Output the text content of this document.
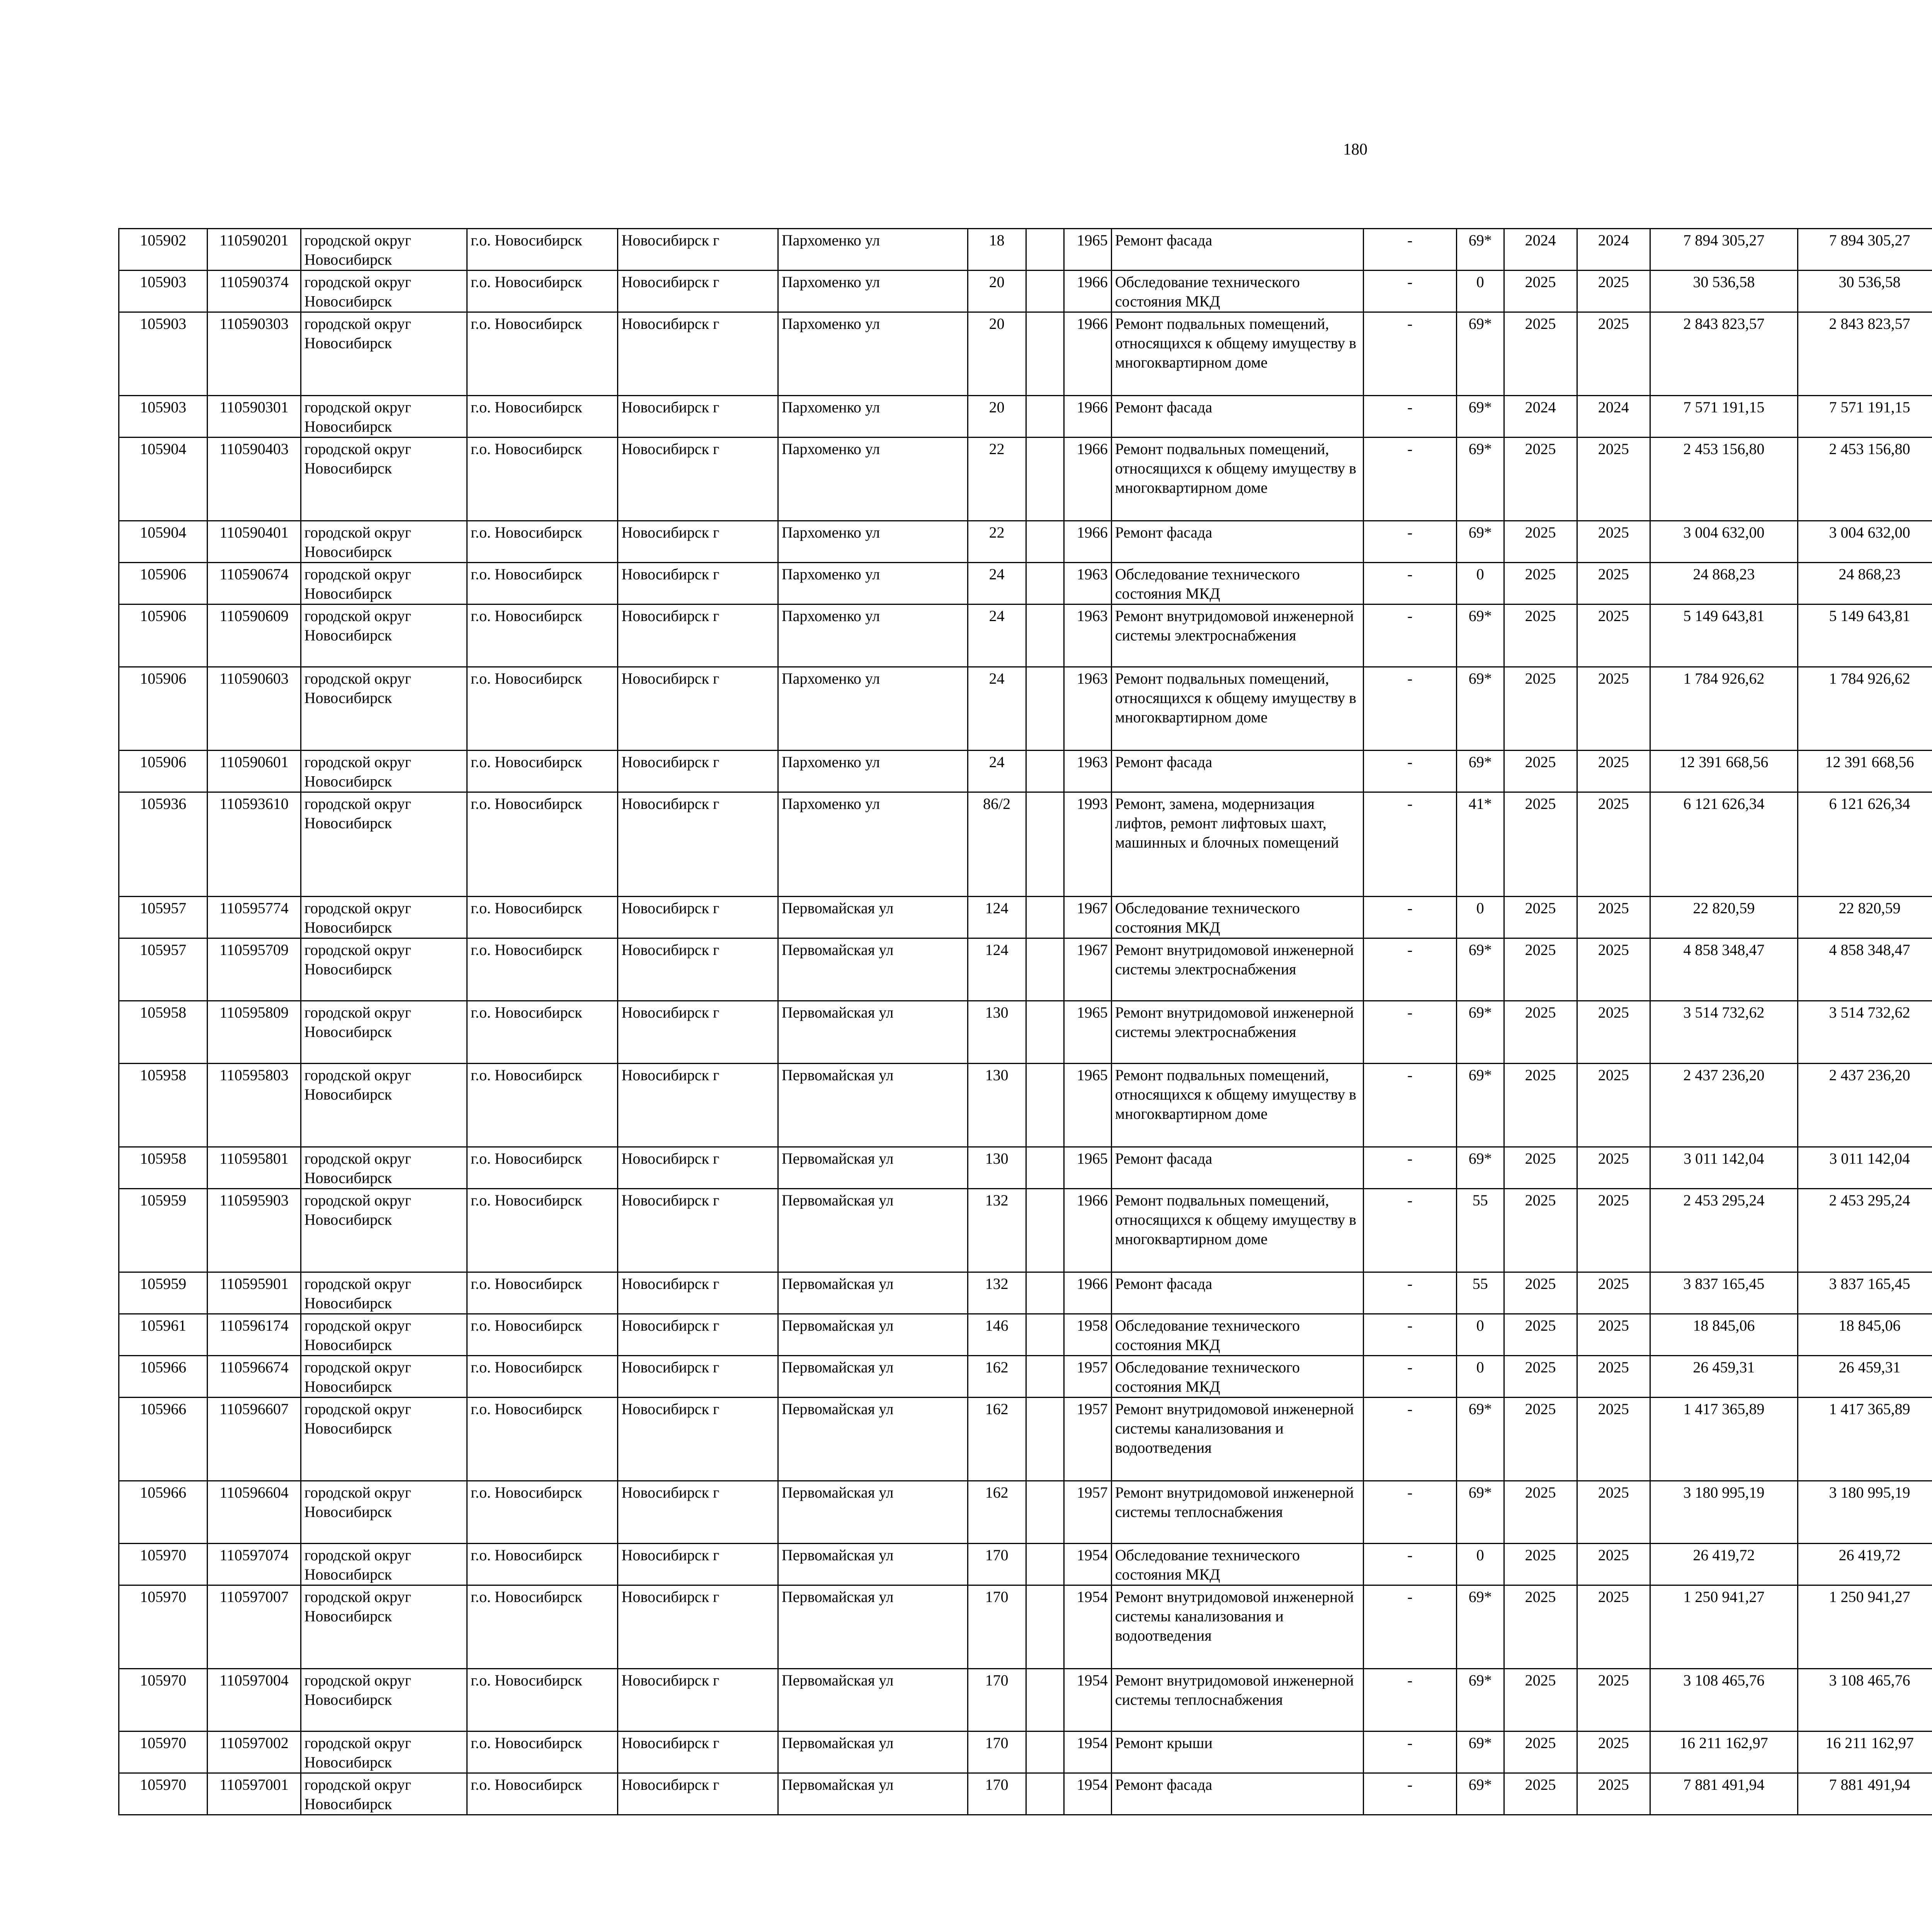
180
105902	110590201	городской округ Новосибирск	г.о. Новосибирск	Новосибирск г	Пархоменко ул	18		1965	Ремонт фасада	-	69*	2024	2024	7 894 305,27	7 894 305,27						
105903	110590374	городской округ Новосибирск	г.о. Новосибирск	Новосибирск г	Пархоменко ул	20		1966	Обследование технического состояния МКД	-	0	2025	2025	30 536,58	30 536,58						
105903	110590303	городской округ Новосибирск	г.о. Новосибирск	Новосибирск г	Пархоменко ул	20		1966	Ремонт подвальных помещений, относящихся к общему имуществу в многоквартирном доме	-	69*	2025	2025	2 843 823,57	2 843 823,57						
105903	110590301	городской округ Новосибирск	г.о. Новосибирск	Новосибирск г	Пархоменко ул	20		1966	Ремонт фасада	-	69*	2024	2024	7 571 191,15	7 571 191,15						
105904	110590403	городской округ Новосибирск	г.о. Новосибирск	Новосибирск г	Пархоменко ул	22		1966	Ремонт подвальных помещений, относящихся к общему имуществу в многоквартирном доме	-	69*	2025	2025	2 453 156,80	2 453 156,80						
105904	110590401	городской округ Новосибирск	г.о. Новосибирск	Новосибирск г	Пархоменко ул	22		1966	Ремонт фасада	-	69*	2025	2025	3 004 632,00	3 004 632,00						
105906	110590674	городской округ Новосибирск	г.о. Новосибирск	Новосибирск г	Пархоменко ул	24		1963	Обследование технического состояния МКД	-	0	2025	2025	24 868,23	24 868,23						
105906	110590609	городской округ Новосибирск	г.о. Новосибирск	Новосибирск г	Пархоменко ул	24		1963	Ремонт внутридомовой инженерной системы электроснабжения	-	69*	2025	2025	5 149 643,81	5 149 643,81						
105906	110590603	городской округ Новосибирск	г.о. Новосибирск	Новосибирск г	Пархоменко ул	24		1963	Ремонт подвальных помещений, относящихся к общему имуществу в многоквартирном доме	-	69*	2025	2025	1 784 926,62	1 784 926,62						
105906	110590601	городской округ Новосибирск	г.о. Новосибирск	Новосибирск г	Пархоменко ул	24		1963	Ремонт фасада	-	69*	2025	2025	12 391 668,56	12 391 668,56						
105936	110593610	городской округ Новосибирск	г.о. Новосибирск	Новосибирск г	Пархоменко ул	86/2		1993	Ремонт, замена, модернизация лифтов, ремонт лифтовых шахт, машинных и блочных помещений	-	41*	2025	2025	6 121 626,34	6 121 626,34						
105957	110595774	городской округ Новосибирск	г.о. Новосибирск	Новосибирск г	Первомайская ул	124		1967	Обследование технического состояния МКД	-	0	2025	2025	22 820,59	22 820,59						
105957	110595709	городской округ Новосибирск	г.о. Новосибирск	Новосибирск г	Первомайская ул	124		1967	Ремонт внутридомовой инженерной системы электроснабжения	-	69*	2025	2025	4 858 348,47	4 858 348,47						
105958	110595809	городской округ Новосибирск	г.о. Новосибирск	Новосибирск г	Первомайская ул	130		1965	Ремонт внутридомовой инженерной системы электроснабжения	-	69*	2025	2025	3 514 732,62	3 514 732,62						
105958	110595803	городской округ Новосибирск	г.о. Новосибирск	Новосибирск г	Первомайская ул	130		1965	Ремонт подвальных помещений, относящихся к общему имуществу в многоквартирном доме	-	69*	2025	2025	2 437 236,20	2 437 236,20						
105958	110595801	городской округ Новосибирск	г.о. Новосибирск	Новосибирск г	Первомайская ул	130		1965	Ремонт фасада	-	69*	2025	2025	3 011 142,04	3 011 142,04						
105959	110595903	городской округ Новосибирск	г.о. Новосибирск	Новосибирск г	Первомайская ул	132		1966	Ремонт подвальных помещений, относящихся к общему имуществу в многоквартирном доме	-	55	2025	2025	2 453 295,24	2 453 295,24						
105959	110595901	городской округ Новосибирск	г.о. Новосибирск	Новосибирск г	Первомайская ул	132		1966	Ремонт фасада	-	55	2025	2025	3 837 165,45	3 837 165,45						
105961	110596174	городской округ Новосибирск	г.о. Новосибирск	Новосибирск г	Первомайская ул	146		1958	Обследование технического состояния МКД	-	0	2025	2025	18 845,06	18 845,06						
105966	110596674	городской округ Новосибирск	г.о. Новосибирск	Новосибирск г	Первомайская ул	162		1957	Обследование технического состояния МКД	-	0	2025	2025	26 459,31	26 459,31						
105966	110596607	городской округ Новосибирск	г.о. Новосибирск	Новосибирск г	Первомайская ул	162		1957	Ремонт внутридомовой инженерной системы канализования и водоотведения	-	69*	2025	2025	1 417 365,89	1 417 365,89						
105966	110596604	городской округ Новосибирск	г.о. Новосибирск	Новосибирск г	Первомайская ул	162		1957	Ремонт внутридомовой инженерной системы теплоснабжения	-	69*	2025	2025	3 180 995,19	3 180 995,19						
105970	110597074	городской округ Новосибирск	г.о. Новосибирск	Новосибирск г	Первомайская ул	170		1954	Обследование технического состояния МКД	-	0	2025	2025	26 419,72	26 419,72						
105970	110597007	городской округ Новосибирск	г.о. Новосибирск	Новосибирск г	Первомайская ул	170		1954	Ремонт внутридомовой инженерной системы канализования и водоотведения	-	69*	2025	2025	1 250 941,27	1 250 941,27						
105970	110597004	городской округ Новосибирск	г.о. Новосибирск	Новосибирск г	Первомайская ул	170		1954	Ремонт внутридомовой инженерной системы теплоснабжения	-	69*	2025	2025	3 108 465,76	3 108 465,76						
105970	110597002	городской округ Новосибирск	г.о. Новосибирск	Новосибирск г	Первомайская ул	170		1954	Ремонт крыши	-	69*	2025	2025	16 211 162,97	16 211 162,97						
105970	110597001	городской округ Новосибирск	г.о. Новосибирск	Новосибирск г	Первомайская ул	170		1954	Ремонт фасада	-	69*	2025	2025	7 881 491,94	7 881 491,94						
